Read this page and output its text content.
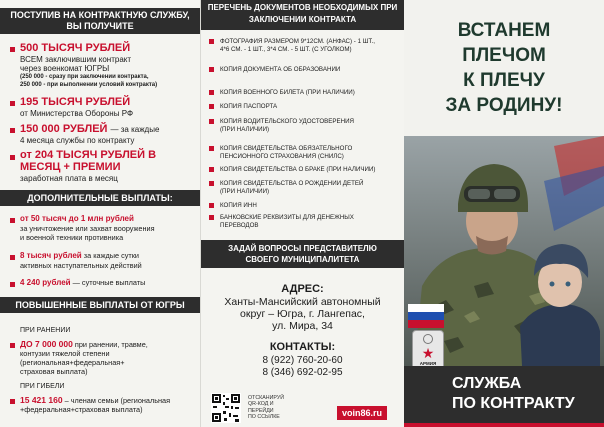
ПОСТУПИВ НА КОНТРАКТНУЮ СЛУЖБУ, ВЫ ПОЛУЧИТЕ
500 ТЫСЯЧ РУБЛЕЙ
ВСЕМ заключившим контракт
через военкомат ЮГРЫ
(250 000 - сразу при заключении контракта,
250 000 - при выполнении условий контракта)
195 ТЫСЯЧ РУБЛЕЙ
от Министерства Обороны РФ
150 000 РУБЛЕЙ — за каждые
4 месяца службы по контракту
от 204 ТЫСЯЧ РУБЛЕЙ В
МЕСЯЦ + ПРЕМИИ
заработная плата в месяц
ДОПОЛНИТЕЛЬНЫЕ ВЫПЛАТЫ:
от 50 тысяч до 1 млн рублей
за уничтожение или захват вооружения
и военной техники противника
8 тысяч рублей за каждые сутки
активных наступательных действий
4 240 рублей — суточные выплаты
ПОВЫШЕННЫЕ ВЫПЛАТЫ ОТ ЮГРЫ
ПРИ РАНЕНИИ
ДО 7 000 000 при ранении, травме,
контузии тяжелой степени
(региональная+федеральная+
страховая выплата)
ПРИ ГИБЕЛИ
15 421 160 – членам семьи (региональная
+федеральная+страховая выплата)
ПЕРЕЧЕНЬ ДОКУМЕНТОВ НЕОБХОДИМЫХ ПРИ ЗАКЛЮЧЕНИИ КОНТРАКТА
ФОТОГРАФИЯ РАЗМЕРОМ 9*12СМ. (АНФАС) - 1 ШТ.,
4*6 СМ. - 1 ШТ., 3*4 СМ. - 5 ШТ. (С УГОЛКОМ)
КОПИЯ ДОКУМЕНТА ОБ ОБРАЗОВАНИИ
КОПИЯ ВОЕННОГО БИЛЕТА (ПРИ НАЛИЧИИ)
КОПИЯ ПАСПОРТА
КОПИЯ ВОДИТЕЛЬСКОГО УДОСТОВЕРЕНИЯ
(ПРИ НАЛИЧИИ)
КОПИЯ СВИДЕТЕЛЬСТВА ОБЯЗАТЕЛЬНОГО
ПЕНСИОННОГО СТРАХОВАНИЯ (СНИЛС)
КОПИЯ СВИДЕТЕЛЬСТВА О БРАКЕ (ПРИ НАЛИЧИИ)
КОПИЯ СВИДЕТЕЛЬСТВА О РОЖДЕНИИ ДЕТЕЙ
(ПРИ НАЛИЧИИ)
КОПИЯ ИНН
БАНКОВСКИЕ РЕКВИЗИТЫ ДЛЯ ДЕНЕЖНЫХ
ПЕРЕВОДОВ
ЗАДАЙ ВОПРОСЫ ПРЕДСТАВИТЕЛЮ СВОЕГО МУНИЦИПАЛИТЕТА
АДРЕС:
Ханты-Мансийский автономный
округ – Югра, г. Лангепас,
ул. Мира, 34
КОНТАКТЫ:
8 (922) 760-20-60
8 (346) 692-02-95
ОТСКАНИРУЙ
QR-КОД И
ПЕРЕЙДИ
ПО ССЫЛКЕ	voin86.ru
ВСТАНЕМ
ПЛЕЧОМ
К ПЛЕЧУ
ЗА РОДИНУ!
★
АРМИЯ
СЛУЖБА
ПО КОНТРАКТУ
